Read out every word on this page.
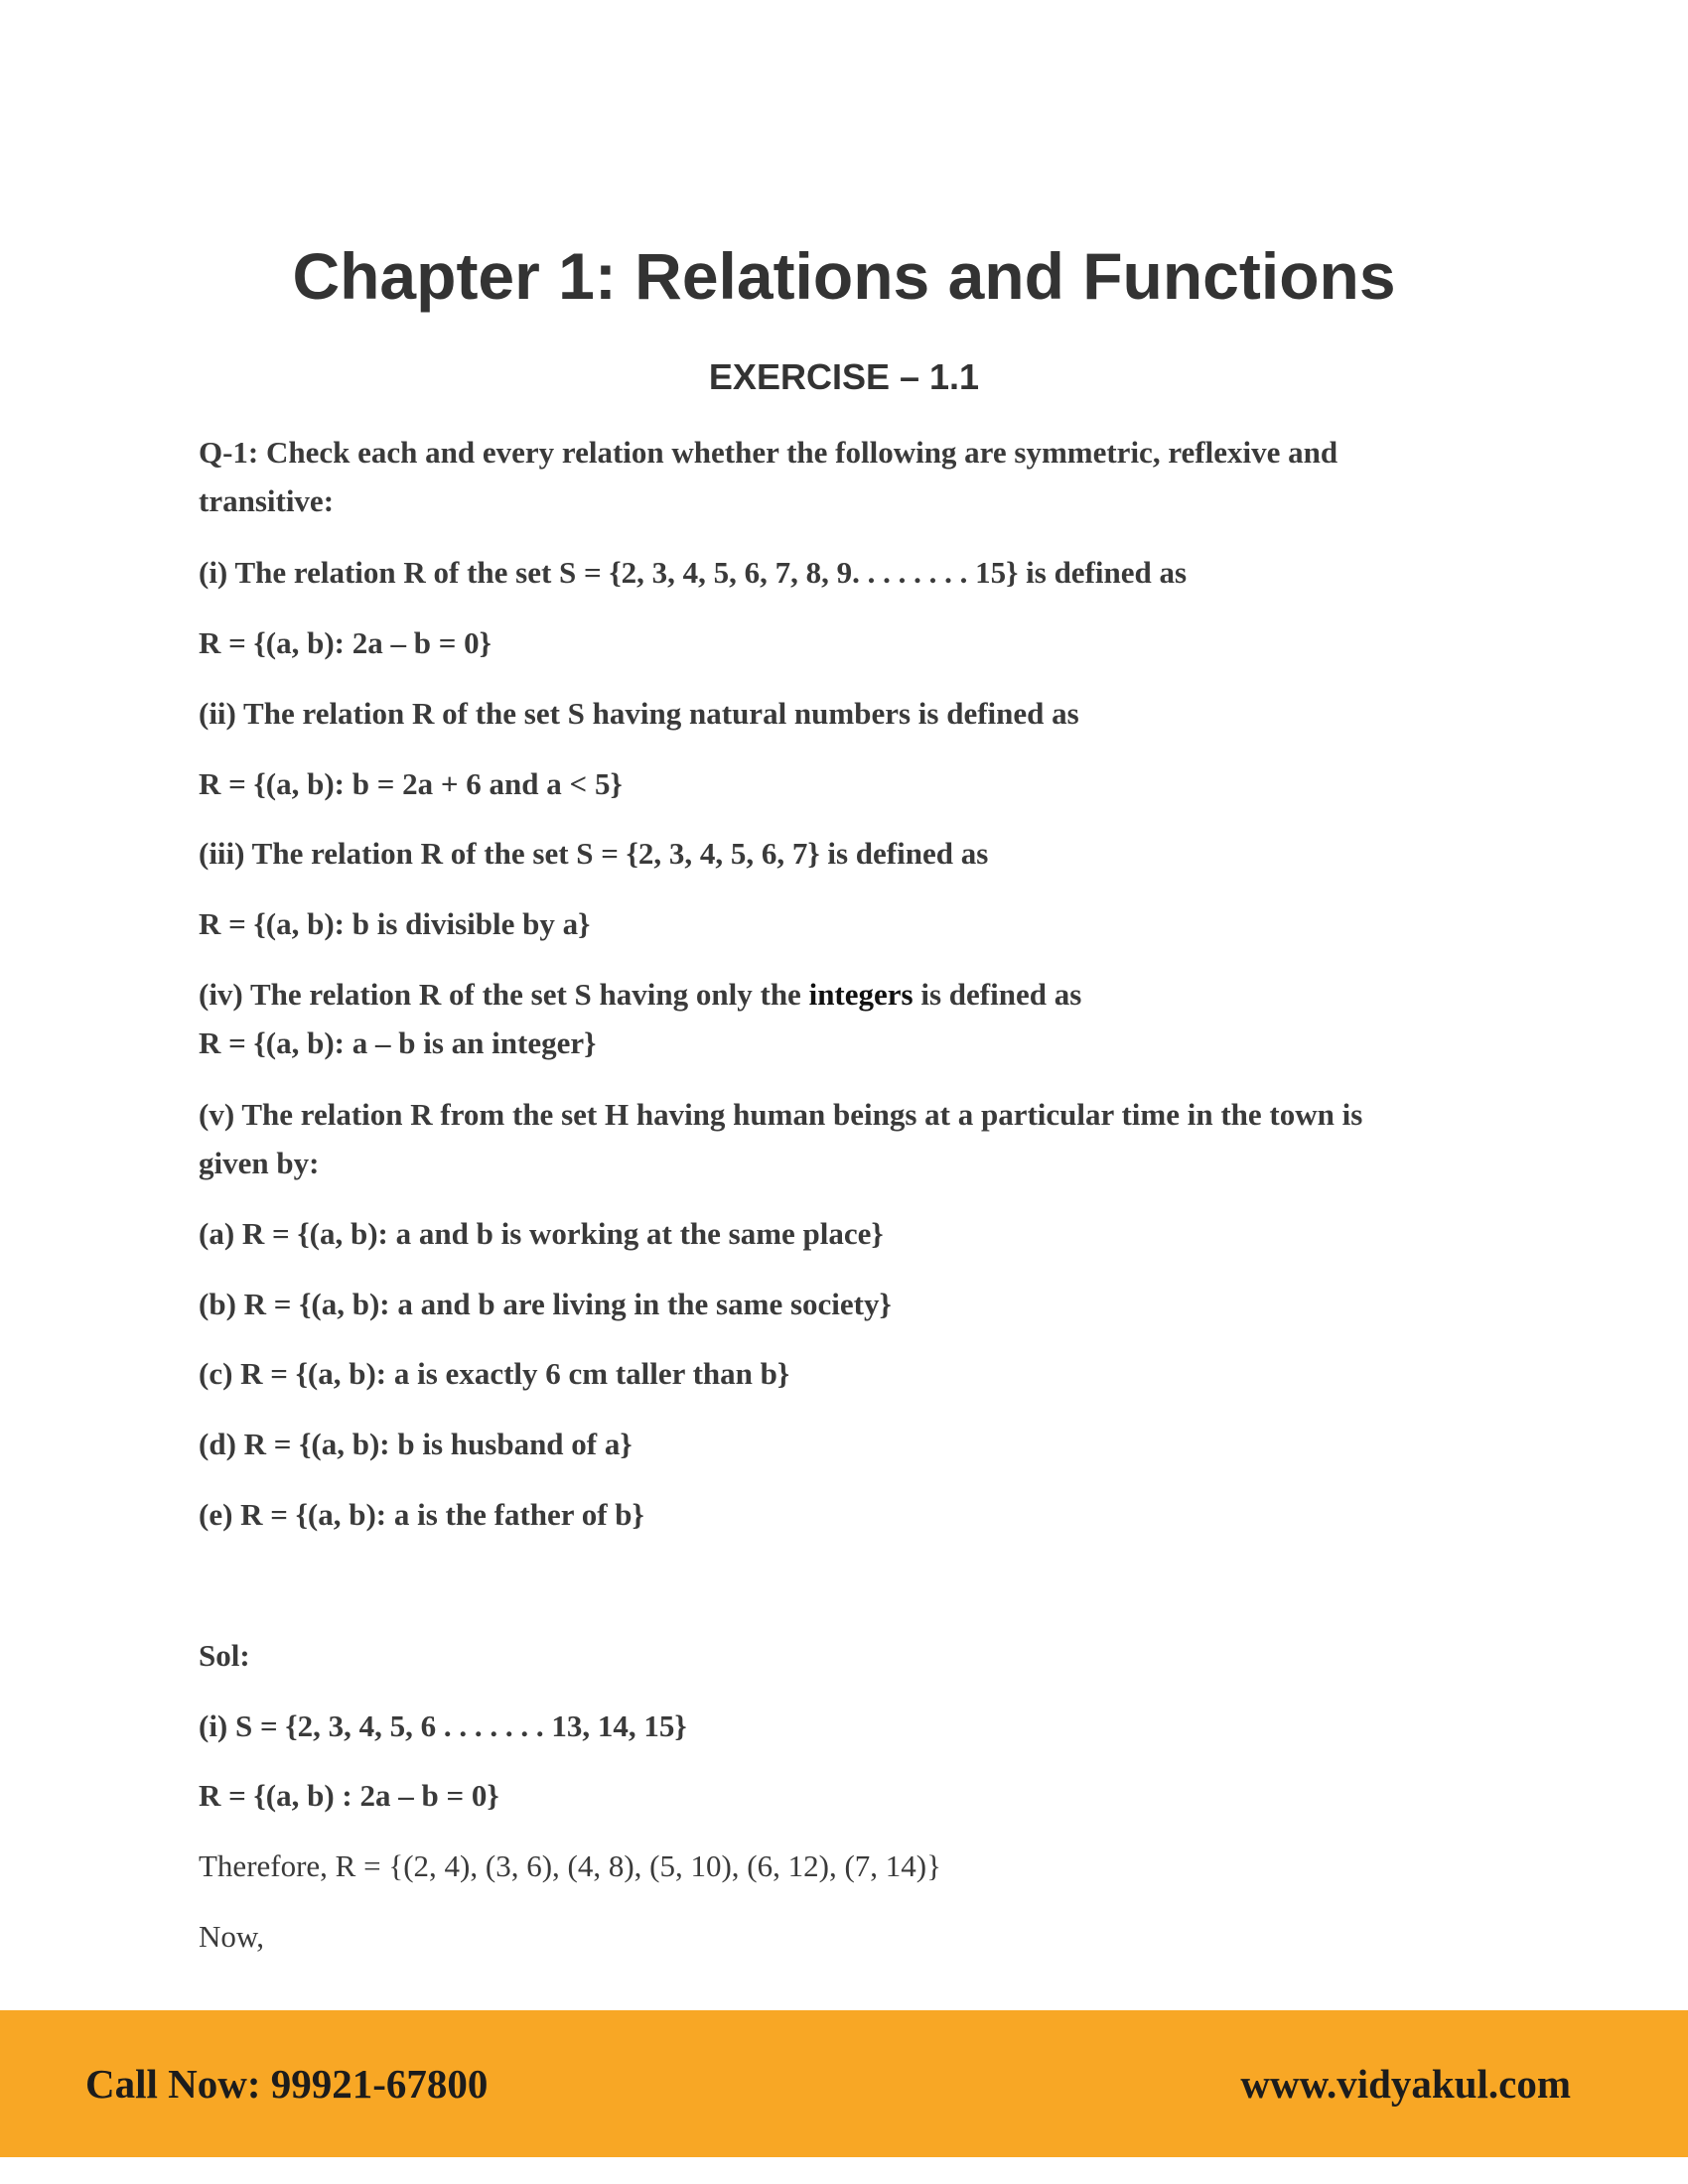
Chapter 1: Relations and Functions
EXERCISE – 1.1
Q-1: Check each and every relation whether the following are symmetric, reflexive and
transitive:
(i) The relation R of the set S = {2, 3, 4, 5, 6, 7, 8, 9. . . . . . . . 15} is defined as
R = {(a, b): 2a – b = 0}
(ii) The relation R of the set S having natural numbers is defined as
R = {(a, b): b = 2a + 6 and a < 5}
(iii) The relation R of the set S = {2, 3, 4, 5, 6, 7} is defined as
R = {(a, b): b is divisible by a}
(iv) The relation R of the set S having only the integers is defined as
R = {(a, b): a – b is an integer}
(v) The relation R from the set H having human beings at a particular time in the town is
given by:
(a) R = {(a, b): a and b is working at the same place}
(b) R = {(a, b): a and b are living in the same society}
(c) R = {(a, b): a is exactly 6 cm taller than b}
(d) R = {(a, b): b is husband of a}
(e) R = {(a, b): a is the father of b}
Sol:
(i) S = {2, 3, 4, 5, 6 . . . . . . . 13, 14, 15}
R = {(a, b) : 2a – b = 0}
Therefore, R = {(2, 4), (3, 6), (4, 8), (5, 10), (6, 12), (7, 14)}
Now,
Call Now: 99921-67800	www.vidyakul.com
